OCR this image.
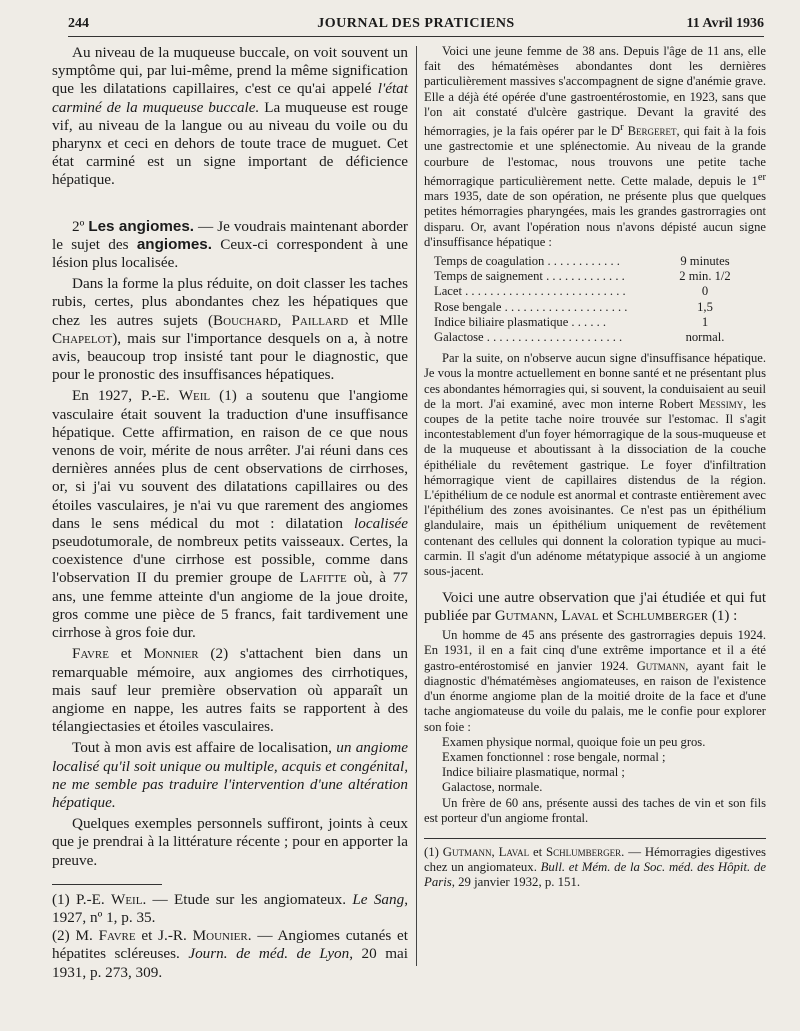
244	JOURNAL DES PRATICIENS	11 Avril 1936

Au niveau de la muqueuse buccale, on voit souvent un symptôme qui, par lui-même, prend la même signification que les dilatations capillaires, c'est ce qu'ai appelé l'état carminé de la muqueuse buccale. La muqueuse est rouge vif, au niveau de la langue ou au niveau du voile ou du pharynx et ceci en dehors de toute trace de muguet. Cet état carminé est un signe important de déficience hépatique.

2º Les angiomes. — Je voudrais maintenant aborder le sujet des angiomes. Ceux-ci correspondent à une lésion plus localisée.

Dans la forme la plus réduite, on doit classer les taches rubis, certes, plus abondantes chez les hépatiques que chez les autres sujets (Bouchard, Paillard et Mlle Chapelot), mais sur l'importance desquels on a, à notre avis, beaucoup trop insisté tant pour le diagnostic, que pour le pronostic des insuffisances hépatiques.

En 1927, P.-E. Weil (1) a soutenu que l'angiome vasculaire était souvent la traduction d'une insuffisance hépatique. Cette affirmation, en raison de ce que nous venons de voir, mérite de nous arrêter. J'ai réuni dans ces dernières années plus de cent observations de cirrhoses, or, si j'ai vu souvent des dilatations capillaires ou des étoiles vasculaires, je n'ai vu que rarement des angiomes dans le sens médical du mot : dilatation localisée pseudotumorale, de nombreux petits vaisseaux. Certes, la coexistence d'une cirrhose est possible, comme dans l'observation II du premier groupe de Lafitte où, à 77 ans, une femme atteinte d'un angiome de la joue droite, gros comme une pièce de 5 francs, fait tardivement une cirrhose à gros foie dur.

Favre et Monnier (2) s'attachent bien dans un remarquable mémoire, aux angiomes des cirrhotiques, mais sauf leur première observation où apparaît un angiome en nappe, les autres faits se rapportent à des télangiectasies et étoiles vasculaires.

Tout à mon avis est affaire de localisation, un angiome localisé qu'il soit unique ou multiple, acquis et congénital, ne me semble pas traduire l'intervention d'une altération hépatique.

Quelques exemples personnels suffiront, joints à ceux que je prendrai à la littérature récente ; pour en apporter la preuve.

(1) P.-E. Weil. — Etude sur les angiomateux. Le Sang, 1927, nº 1, p. 35.

(2) M. Favre et J.-R. Mounier. — Angiomes cutanés et hépatites scléreuses. Journ. de méd. de Lyon, 20 mai 1931, p. 273, 309.

Voici une jeune femme de 38 ans. Depuis l'âge de 11 ans, elle fait des hématémèses abondantes dont les dernières particulièrement massives s'accompagnent de signe d'anémie grave. Elle a déjà été opérée d'une gastroentérostomie, en 1923, sans que l'on ait constaté d'ulcère gastrique. Devant la gravité des hémorragies, je la fais opérer par le $D^r$ Bergeret, qui fait à la fois une gastrectomie et une splénectomie. Au niveau de la grande courbure de l'estomac, nous trouvons une petite tache hémorragique particulièrement nette. Cette malade, depuis le 1er mars 1935, date de son opération, ne présente plus que quelques petites hémorragies pharyngées, mais les grandes gastrorragies ont disparu. Or, avant l'opération nous n'avons dépisté aucun signe d'insuffisance hépatique :

Temps de coagulation . . . . . . . . . . . .	9 minutes
Temps de saignement . . . . . . . . . . . . .	2 min. 1/2
Lacet . . . . . . . . . . . . . . . . . . . . . . . . . .	0
Rose bengale . . . . . . . . . . . . . . . . . . . .	1,5
Indice biliaire plasmatique . . . . . .	1
Galactose . . . . . . . . . . . . . . . . . . . . . .	normal.

Par la suite, on n'observe aucun signe d'insuffisance hépatique. Je vous la montre actuellement en bonne santé et ne présentant plus ces abondantes hémorragies qui, si souvent, la conduisaient au seuil de la mort. J'ai examiné, avec mon interne Robert Messimy, les coupes de la petite tache noire trouvée sur l'estomac. Il s'agit incontestablement d'un foyer hémorragique de la sous-muqueuse et de la muqueuse et aboutissant à la dissociation de la couche épithéliale du revêtement gastrique. Le foyer d'infiltration hémorragique vient de capillaires distendus de la région. L'épithélium de ce nodule est anormal et contraste entièrement avec l'épithélium des zones avoisinantes. Ce n'est pas un épithélium glandulaire, mais un épithélium uniquement de revêtement contenant des cellules qui donnent la coloration typique au muci-carmin. Il s'agit d'un adénome métatypique associé à un angiome sous-jacent.

Voici une autre observation que j'ai étudiée et qui fut publiée par Gutmann, Laval et Schlumberger (1) :

Un homme de 45 ans présente des gastrorragies depuis 1924. En 1931, il en a fait cinq d'une extrême importance et il a été gastro-entérostomisé en janvier 1924. Gutmann, ayant fait le diagnostic d'hématémèses angiomateuses, en raison de l'existence d'un énorme angiome plan de la moitié droite de la face et d'une tache angiomateuse du voile du palais, me le confie pour explorer son foie :

Examen physique normal, quoique foie un peu gros.

Examen fonctionnel : rose bengale, normal ;

Indice biliaire plasmatique, normal ;

Galactose, normale.

Un frère de 60 ans, présente aussi des taches de vin et son fils est porteur d'un angiome frontal.

(1) Gutmann, Laval et Schlumberger. — Hémorragies digestives chez un angiomateux. Bull. et Mém. de la Soc. méd. des Hôpit. de Paris, 29 janvier 1932, p. 151.
